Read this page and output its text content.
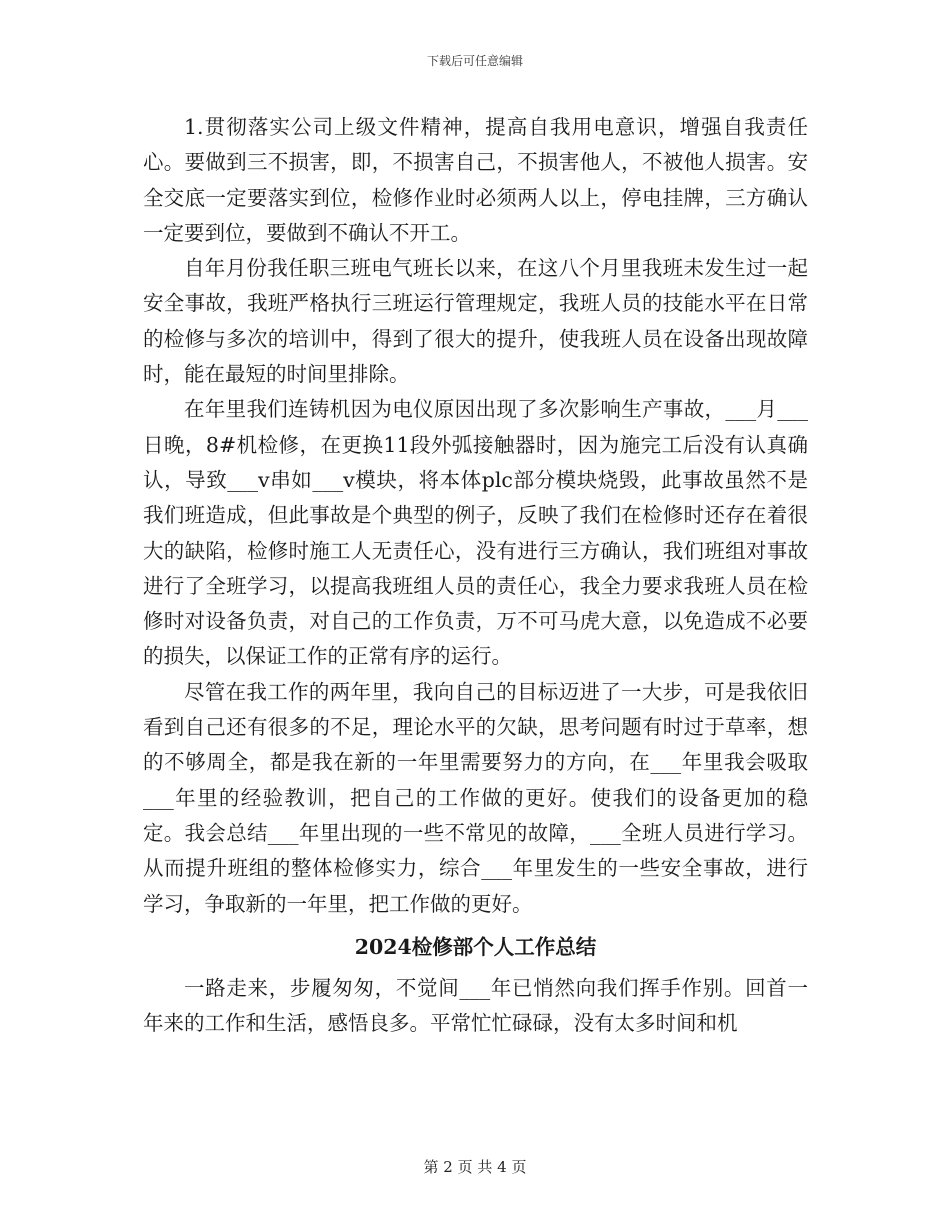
下载后可任意编辑

1.贯彻落实公司上级文件精神，提高自我用电意识，增强自我责任心。要做到三不损害，即，不损害自己，不损害他人，不被他人损害。安全交底一定要落实到位，检修作业时必须两人以上，停电挂牌，三方确认一定要到位，要做到不确认不开工。

自年月份我任职三班电气班长以来，在这八个月里我班未发生过一起安全事故，我班严格执行三班运行管理规定，我班人员的技能水平在日常的检修与多次的培训中，得到了很大的提升，使我班人员在设备出现故障时，能在最短的时间里排除。

在年里我们连铸机因为电仪原因出现了多次影响生产事故，___月___日晚，8#机检修，在更换11段外弧接触器时，因为施完工后没有认真确认，导致___v串如___v模块，将本体plc部分模块烧毁，此事故虽然不是我们班造成，但此事故是个典型的例子，反映了我们在检修时还存在着很大的缺陷，检修时施工人无责任心，没有进行三方确认，我们班组对事故进行了全班学习，以提高我班组人员的责任心，我全力要求我班人员在检修时对设备负责，对自己的工作负责，万不可马虎大意，以免造成不必要的损失，以保证工作的正常有序的运行。

尽管在我工作的两年里，我向自己的目标迈进了一大步，可是我依旧看到自己还有很多的不足，理论水平的欠缺，思考问题有时过于草率，想的不够周全，都是我在新的一年里需要努力的方向，在___年里我会吸取___年里的经验教训，把自己的工作做的更好。使我们的设备更加的稳定。我会总结___年里出现的一些不常见的故障，___全班人员进行学习。从而提升班组的整体检修实力，综合___年里发生的一些安全事故，进行学习，争取新的一年里，把工作做的更好。

2024检修部个人工作总结

一路走来，步履匆匆，不觉间___年已悄然向我们挥手作别。回首一年来的工作和生活，感悟良多。平常忙忙碌碌，没有太多时间和机

第 2 页 共 4 页
